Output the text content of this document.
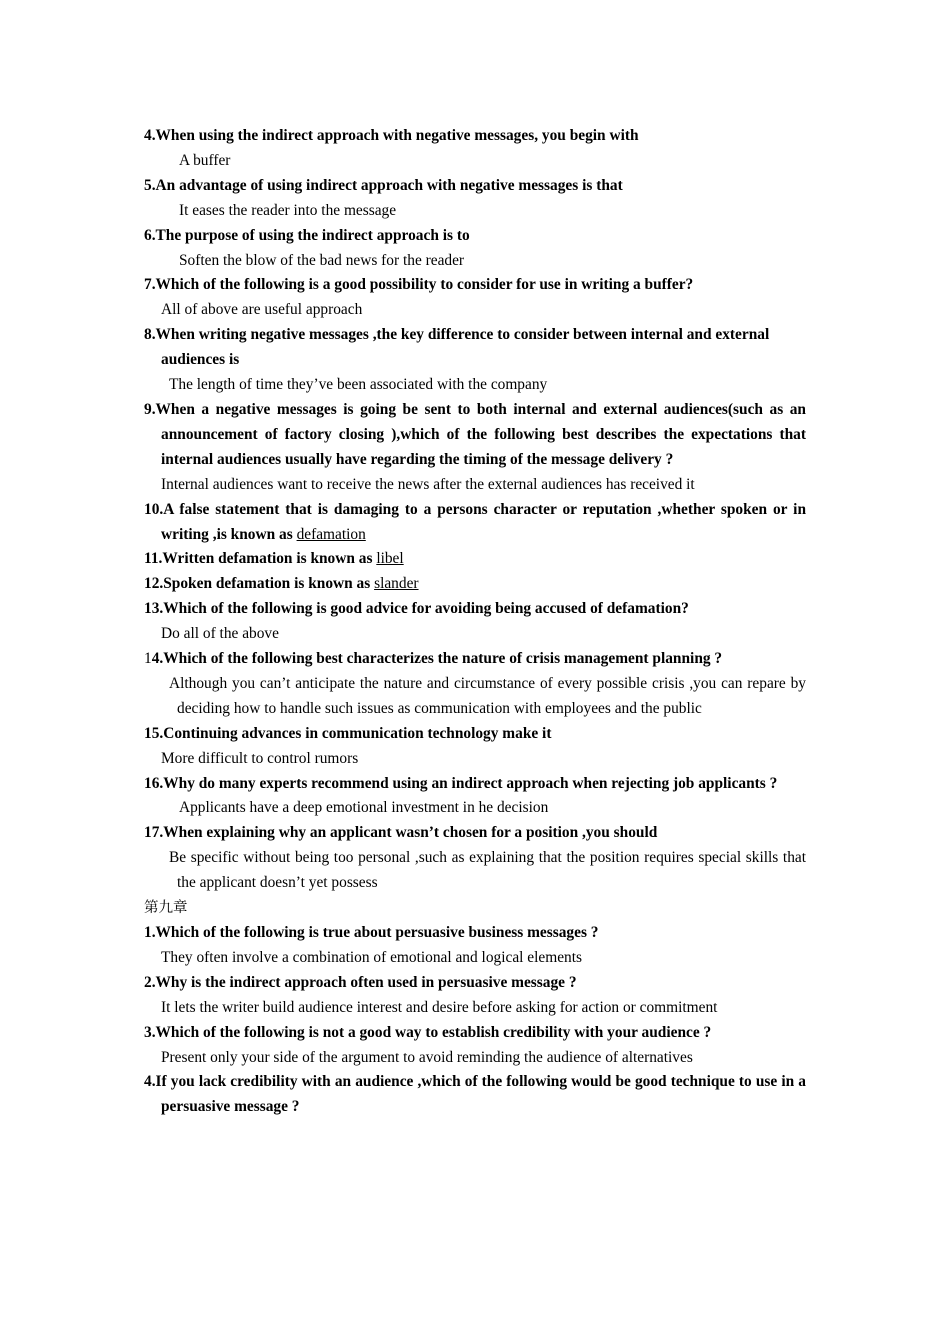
4.When using the indirect approach with negative messages, you begin with

A buffer

5.An advantage of using indirect approach with negative messages is that

It eases the reader into the message

6.The purpose of using the indirect approach is to

Soften the blow of the bad news for the reader

7.Which of the following is a good possibility to consider for use in writing a buffer?

All of above are useful approach

8.When writing negative messages ,the key difference to consider between internal and external

audiences is

The length of time they’ve been associated with the company

9.When a negative messages is going be sent to both internal and external audiences(such as an announcement of factory closing ),which of the following best describes the expectations that internal audiences usually have regarding the timing of the message delivery ?

Internal audiences want to receive the news after the external audiences has received it

10.A false statement that is damaging to a persons character or reputation ,whether spoken or in writing ,is known as defamation

11.Written defamation is known as libel

12.Spoken defamation is known as slander

13.Which of the following is good advice for avoiding being accused of defamation?

Do all of the above

14.Which of the following best characterizes the nature of crisis management planning ?

Although you can’t anticipate the nature and circumstance of every possible crisis ,you can repare by deciding how to handle such issues as communication with employees and the public

15.Continuing advances in communication technology make it

More difficult to control rumors

16.Why do many experts recommend using an indirect approach when rejecting job applicants ?

Applicants have a deep emotional investment in he decision

17.When explaining why an applicant wasn’t chosen for a position ,you should

Be specific without being too personal ,such as explaining that the position requires special skills that the applicant doesn’t yet possess

第九章

1.Which of the following is true about persuasive business messages ?

They often involve a combination of emotional and logical elements

2.Why is the indirect approach often used in persuasive message ?

It lets the writer build audience interest and desire before asking for action or commitment

3.Which of the following is not a good way to establish credibility with your audience ?

Present only your side of the argument to avoid reminding the audience of alternatives

4.If you lack credibility with an audience ,which of the following would be good technique to use in a persuasive message ?
